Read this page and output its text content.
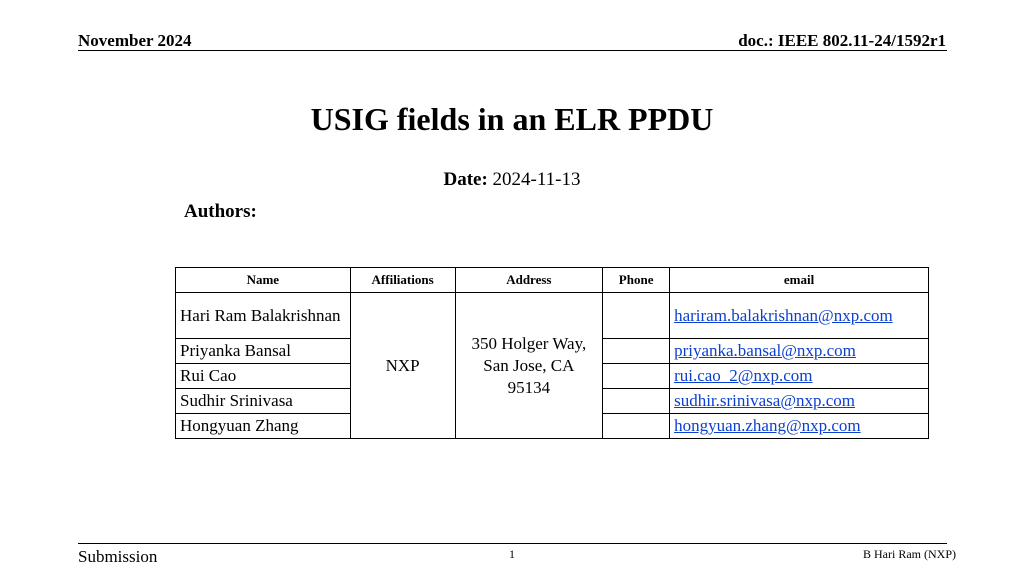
November 2024	doc.: IEEE 802.11-24/1592r1
USIG fields in an ELR PPDU
Date: 2024-11-13
Authors:
Name	Affiliations	Address	Phone	email
Hari Ram Balakrishnan	NXP	350 Holger Way, San Jose, CA 95134		hariram.balakrishnan@nxp.com
Priyanka Bansal				priyanka.bansal@nxp.com
Rui Cao				rui.cao_2@nxp.com
Sudhir Srinivasa				sudhir.srinivasa@nxp.com
Hongyuan Zhang				hongyuan.zhang@nxp.com
Submission	1	B Hari Ram (NXP)
